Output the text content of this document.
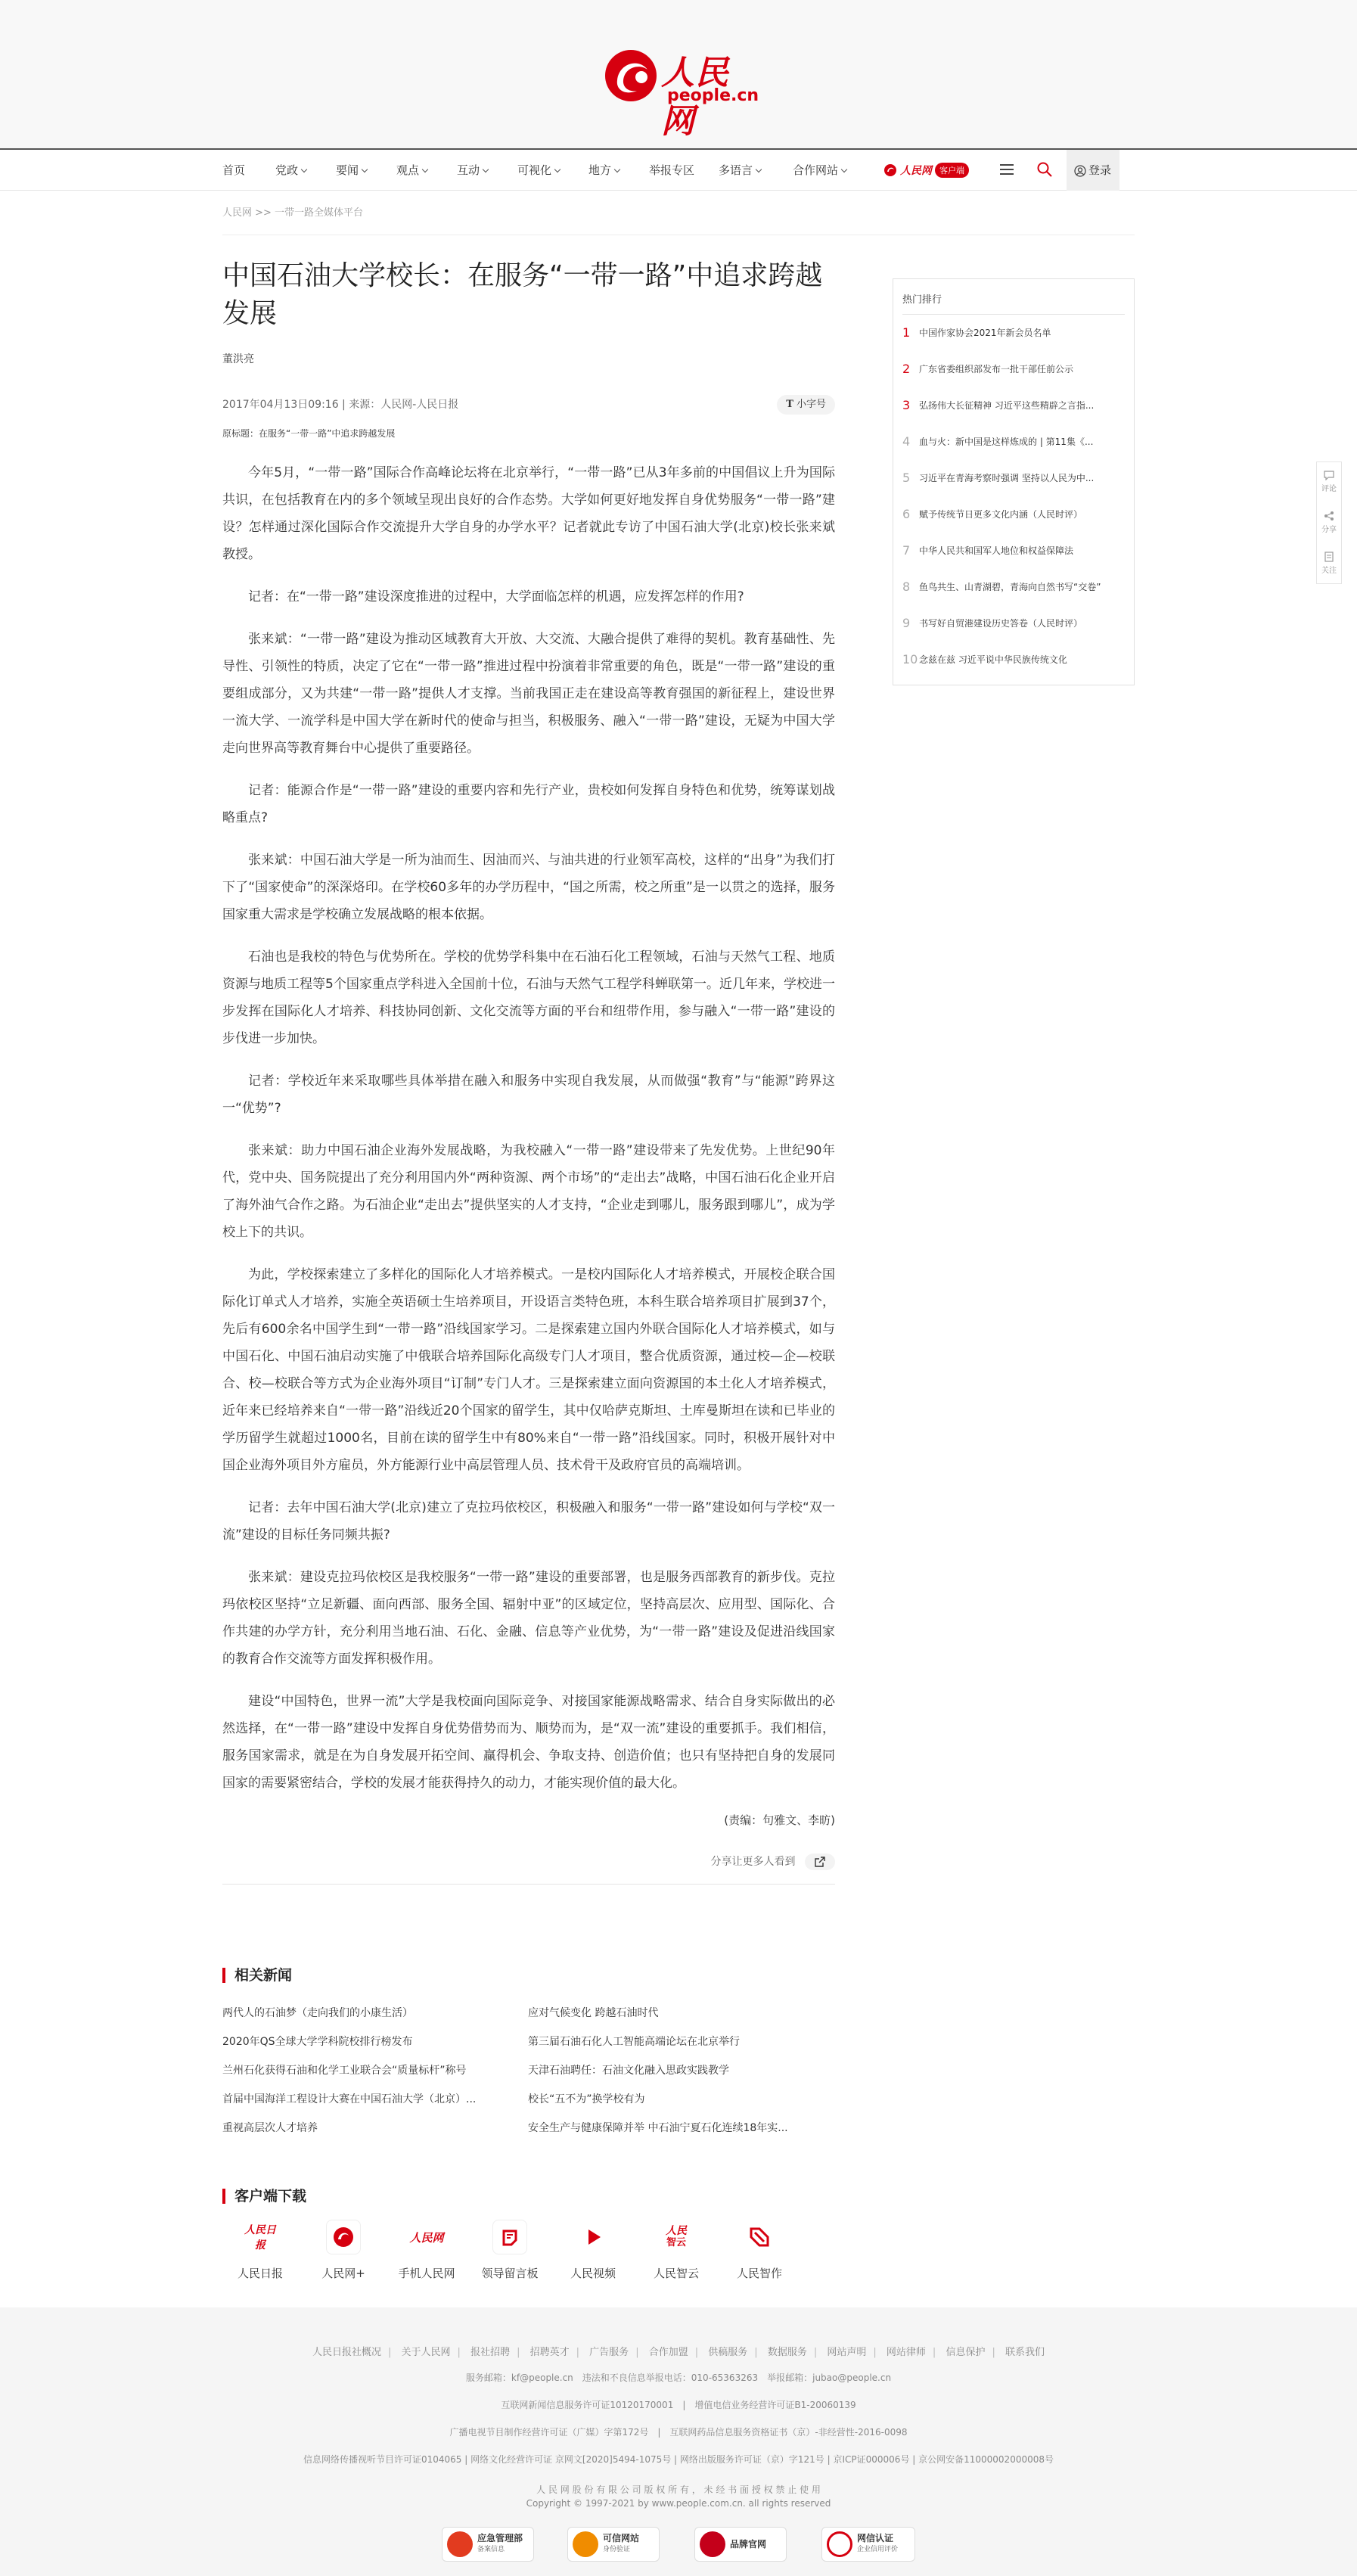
人民网
people.cn
首页	党政	要闻	观点	互动	可视化	地方	举报专区 多语言	合作网站	人民网 客户端	登录
人民网 >> 一带一路全媒体平台
中国石油大学校长：在服务“一带一路”中追求跨越发展
董洪亮
2017年04月13日09:16 | 来源：人民网-人民日报	T 小字号
原标题：在服务“一带一路”中追求跨越发展

今年5月，“一带一路”国际合作高峰论坛将在北京举行，“一带一路”已从3年多前的中国倡议上升为国际共识，在包括教育在内的多个领域呈现出良好的合作态势。大学如何更好地发挥自身优势服务“一带一路”建设？怎样通过深化国际合作交流提升大学自身的办学水平？记者就此专访了中国石油大学(北京)校长张来斌教授。

记者：在“一带一路”建设深度推进的过程中，大学面临怎样的机遇，应发挥怎样的作用?

张来斌：“一带一路”建设为推动区域教育大开放、大交流、大融合提供了难得的契机。教育基础性、先导性、引领性的特质，决定了它在“一带一路”推进过程中扮演着非常重要的角色，既是“一带一路”建设的重要组成部分，又为共建“一带一路”提供人才支撑。当前我国正走在建设高等教育强国的新征程上，建设世界一流大学、一流学科是中国大学在新时代的使命与担当，积极服务、融入“一带一路”建设，无疑为中国大学走向世界高等教育舞台中心提供了重要路径。

记者：能源合作是“一带一路”建设的重要内容和先行产业，贵校如何发挥自身特色和优势，统筹谋划战略重点?

张来斌：中国石油大学是一所为油而生、因油而兴、与油共进的行业领军高校，这样的“出身”为我们打下了“国家使命”的深深烙印。在学校60多年的办学历程中，“国之所需，校之所重”是一以贯之的选择，服务国家重大需求是学校确立发展战略的根本依据。

石油也是我校的特色与优势所在。学校的优势学科集中在石油石化工程领域，石油与天然气工程、地质资源与地质工程等5个国家重点学科进入全国前十位，石油与天然气工程学科蝉联第一。近几年来，学校进一步发挥在国际化人才培养、科技协同创新、文化交流等方面的平台和纽带作用，参与融入“一带一路”建设的步伐进一步加快。

记者：学校近年来采取哪些具体举措在融入和服务中实现自我发展，从而做强“教育”与“能源”跨界这一“优势”?

张来斌：助力中国石油企业海外发展战略，为我校融入“一带一路”建设带来了先发优势。上世纪90年代，党中央、国务院提出了充分利用国内外“两种资源、两个市场”的“走出去”战略，中国石油石化企业开启了海外油气合作之路。为石油企业“走出去”提供坚实的人才支持，“企业走到哪儿，服务跟到哪儿”，成为学校上下的共识。

为此，学校探索建立了多样化的国际化人才培养模式。一是校内国际化人才培养模式，开展校企联合国际化订单式人才培养，实施全英语硕士生培养项目，开设语言类特色班，本科生联合培养项目扩展到37个，先后有600余名中国学生到“一带一路”沿线国家学习。二是探索建立国内外联合国际化人才培养模式，如与中国石化、中国石油启动实施了中俄联合培养国际化高级专门人才项目，整合优质资源，通过校—企—校联合、校—校联合等方式为企业海外项目“订制”专门人才。三是探索建立面向资源国的本土化人才培养模式，近年来已经培养来自“一带一路”沿线近20个国家的留学生，其中仅哈萨克斯坦、土库曼斯坦在读和已毕业的学历留学生就超过1000名，目前在读的留学生中有80%来自“一带一路”沿线国家。同时，积极开展针对中国企业海外项目外方雇员，外方能源行业中高层管理人员、技术骨干及政府官员的高端培训。

记者：去年中国石油大学(北京)建立了克拉玛依校区，积极融入和服务“一带一路”建设如何与学校“双一流”建设的目标任务同频共振?

张来斌：建设克拉玛依校区是我校服务“一带一路”建设的重要部署，也是服务西部教育的新步伐。克拉玛依校区坚持“立足新疆、面向西部、服务全国、辐射中亚”的区域定位，坚持高层次、应用型、国际化、合作共建的办学方针，充分利用当地石油、石化、金融、信息等产业优势，为“一带一路”建设及促进沿线国家的教育合作交流等方面发挥积极作用。

建设“中国特色，世界一流”大学是我校面向国际竞争、对接国家能源战略需求、结合自身实际做出的必然选择，在“一带一路”建设中发挥自身优势借势而为、顺势而为，是“双一流”建设的重要抓手。我们相信，服务国家需求，就是在为自身发展开拓空间、赢得机会、争取支持、创造价值；也只有坚持把自身的发展同国家的需要紧密结合，学校的发展才能获得持久的动力，才能实现价值的最大化。

(责编：句雅文、李昉)
分享让更多人看到
相关新闻
两代人的石油梦（走向我们的小康生活）
2020年QS全球大学学科院校排行榜发布
兰州石化获得石油和化学工业联合会“质量标杆”称号
首届中国海洋工程设计大赛在中国石油大学（北京）...
重视高层次人才培养
应对气候变化 跨越石油时代
第三届石油石化人工智能高端论坛在北京举行
天津石油聘任：石油文化融入思政实践教学
校长“五不为”换学校有为
安全生产与健康保障并举 中石油宁夏石化连续18年实...
客户端下载
人民日报
人民日报	人民网+
人民网
手机人民网	领导留言板	人民视频
人民
智云
人民智云	人民智作
热门排行
1 中国作家协会2021年新会员名单
2 广东省委组织部发布一批干部任前公示
3 弘扬伟大长征精神 习近平这些精辟之言指...
4 血与火：新中国是这样炼成的 | 第11集《...
5 习近平在青海考察时强调 坚持以人民为中...
6 赋予传统节日更多文化内涵（人民时评）
7 中华人民共和国军人地位和权益保障法
8 鱼鸟共生、山青湖碧，青海向自然书写“交卷”
9 书写好自贸港建设历史答卷（人民时评）
10 念兹在兹 习近平说中华民族传统文化
评论
分享
关注
人民日报社概况 | 关于人民网 | 报社招聘 | 招聘英才 | 广告服务 | 合作加盟 | 供稿服务 | 数据服务 | 网站声明 | 网站律师 | 信息保护 | 联系我们
服务邮箱：kf@people.cn　违法和不良信息举报电话：010-65363263　举报邮箱：jubao@people.cn
互联网新闻信息服务许可证10120170001　|　增值电信业务经营许可证B1-20060139
广播电视节目制作经营许可证（广媒）字第172号　|　互联网药品信息服务资格证书（京）-非经营性-2016-0098
信息网络传播视听节目许可证0104065 | 网络文化经营许可证 京网文[2020]5494-1075号 | 网络出版服务许可证（京）字121号 | 京ICP证000006号 | 京公网安备11000002000008号
人 民 网 股 份 有 限 公 司 版 权 所 有 ， 未 经 书 面 授 权 禁 止 使 用
Copyright © 1997-2021 by www.people.com.cn. all rights reserved
应急管理部
备案信息
可信网站
身份验证
品牌官网
网信认证
企业信用评价
